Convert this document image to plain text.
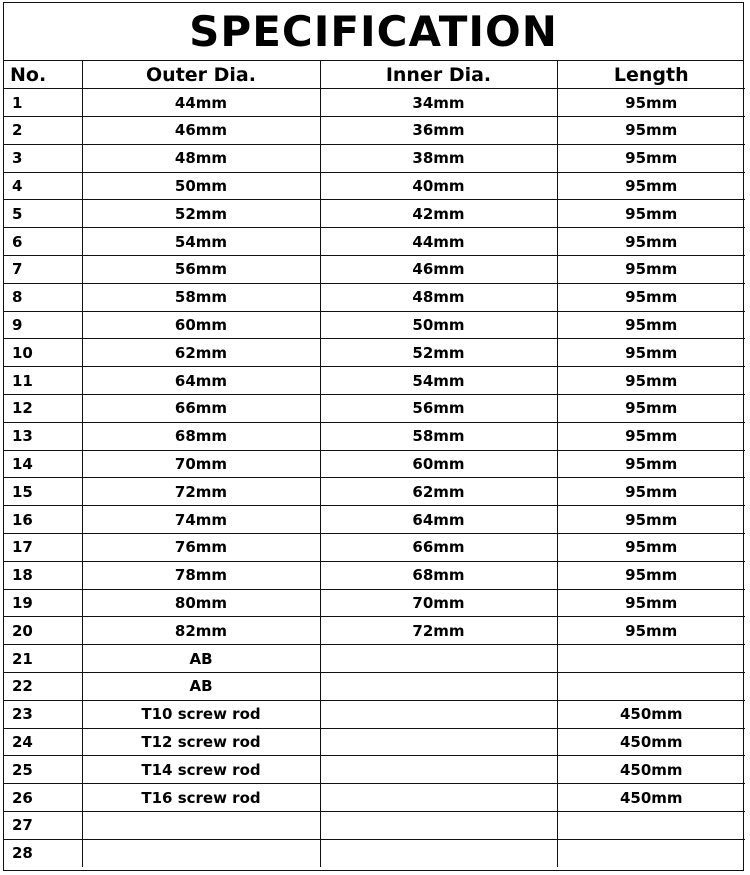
SPECIFICATION
No.	Outer Dia.	Inner Dia.	Length
1	44mm	34mm	95mm
2	46mm	36mm	95mm
3	48mm	38mm	95mm
4	50mm	40mm	95mm
5	52mm	42mm	95mm
6	54mm	44mm	95mm
7	56mm	46mm	95mm
8	58mm	48mm	95mm
9	60mm	50mm	95mm
10	62mm	52mm	95mm
11	64mm	54mm	95mm
12	66mm	56mm	95mm
13	68mm	58mm	95mm
14	70mm	60mm	95mm
15	72mm	62mm	95mm
16	74mm	64mm	95mm
17	76mm	66mm	95mm
18	78mm	68mm	95mm
19	80mm	70mm	95mm
20	82mm	72mm	95mm
21	AB		
22	AB		
23	T10 screw rod		450mm
24	T12 screw rod		450mm
25	T14 screw rod		450mm
26	T16 screw rod		450mm
27			
28			
